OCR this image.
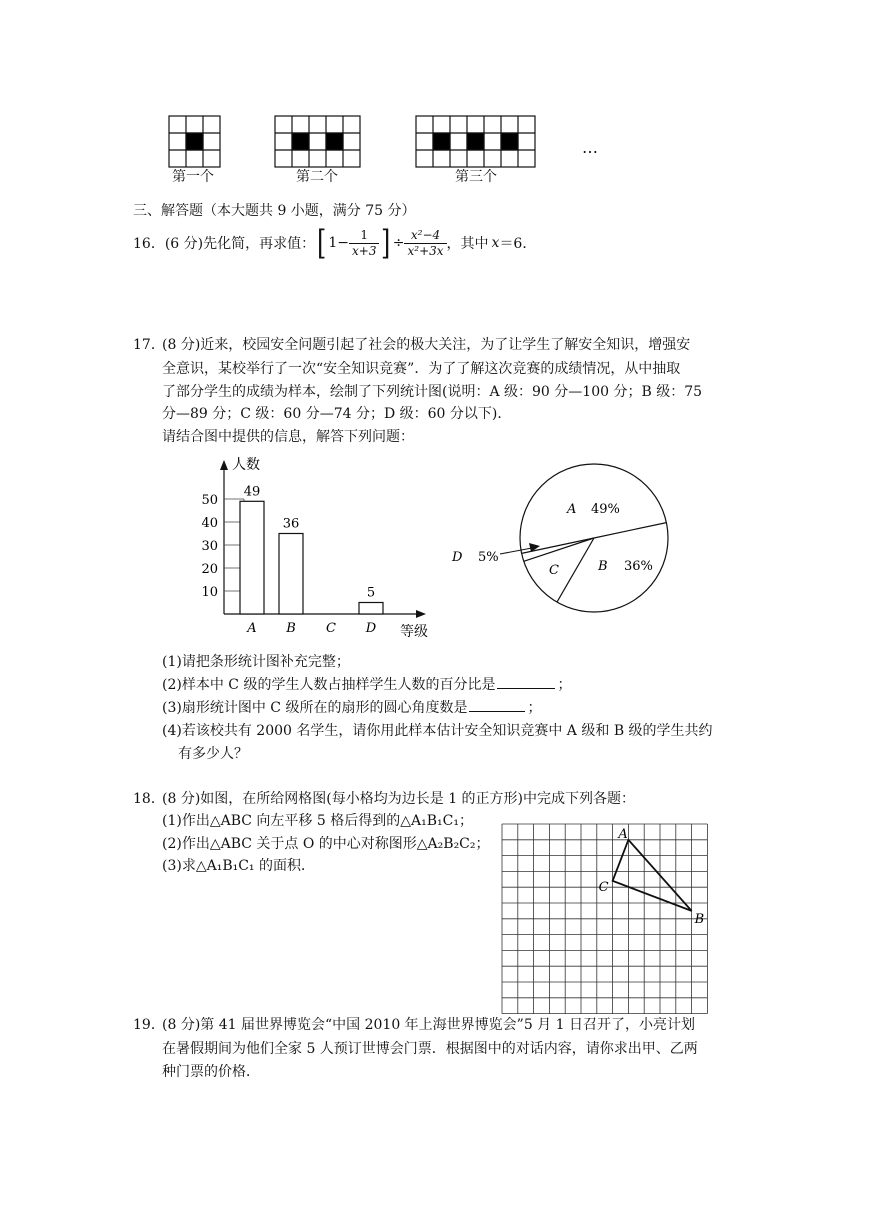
第一个	第二个	第三个
…
三、解答题（本大题共 9 小题，满分 75 分）
16． (6 分)先化简，再求值： [ $1- \frac{1}{x+3}$ ] ÷ $\frac{\text{x²−4}}{\text{x²+3x}}$ ，其中 x ＝6．
17．
(8 分)近来，校园安全问题引起了社会的极大关注，为了让学生了解安全知识，增强安
全意识，某校举行了一次“安全知识竞赛”．为了了解这次竞赛的成绩情况，从中抽取
了部分学生的成绩为样本，绘制了下列统计图(说明：A 级：90 分—100 分；B 级：75
分—89 分；C 级：60 分—74 分；D 级：60 分以下)．
请结合图中提供的信息，解答下列问题：
10
20
30
40
50
人数
49
A
36
B C
5
D 等级
A 49%
B 36%
C
D 5%
(1)请把条形统计图补充完整；
(2)样本中 C 级的学生人数占抽样学生人数的百分比是	；
(3)扇形统计图中 C 级所在的扇形的圆心角度数是	；
(4)若该校共有 2000 名学生，请你用此样本估计安全知识竞赛中 A 级和 B 级的学生共约
有多少人？
18．
(8 分)如图，在所给网格图(每小格均为边长是 1 的正方形)中完成下列各题：
(1)作出△ABC 向左平移 5 格后得到的△A₁B₁C₁；
(2)作出△ABC 关于点 O 的中心对称图形△A₂B₂C₂；
(3)求△A₁B₁C₁ 的面积．
A
B
C
19．
(8 分)第 41 届世界博览会“中国 2010 年上海世界博览会”5 月 1 日召开了，小亮计划
在暑假期间为他们全家 5 人预订世博会门票．根据图中的对话内容，请你求出甲、乙两
种门票的价格．
